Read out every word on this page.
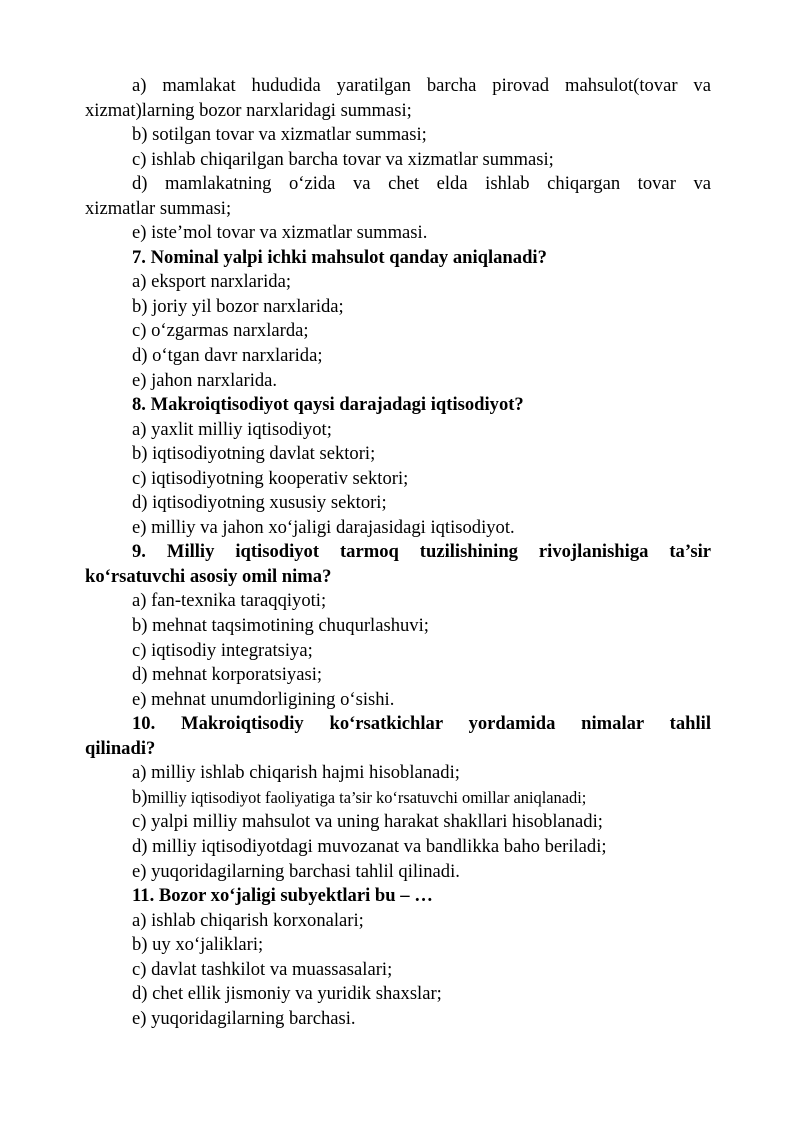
a) mamlakat hududida yaratilgan barcha pirovad mahsulot(tovar va
xizmat)larning bozor narxlaridagi summasi;
b) sotilgan tovar va xizmatlar summasi;
c) ishlab chiqarilgan barcha tovar va xizmatlar summasi;
d) mamlakatning o‘zida va chet elda ishlab chiqargan tovar va
xizmatlar summasi;
e) iste’mol tovar va xizmatlar summasi.
7. Nominal yalpi ichki mahsulot qanday aniqlanadi?
a) eksport narxlarida;
b) joriy yil bozor narxlarida;
c) o‘zgarmas narxlarda;
d) o‘tgan davr narxlarida;
e) jahon narxlarida.
8. Makroiqtisodiyot qaysi darajadagi iqtisodiyot?
a) yaxlit milliy iqtisodiyot;
b) iqtisodiyotning davlat sektori;
c) iqtisodiyotning kooperativ sektori;
d) iqtisodiyotning xususiy sektori;
e) milliy va jahon xo‘jaligi darajasidagi iqtisodiyot.
9. Milliy iqtisodiyot tarmoq tuzilishining rivojlanishiga ta’sir
ko‘rsatuvchi asosiy omil nima?
a) fan-texnika taraqqiyoti;
b) mehnat taqsimotining chuqurlashuvi;
c) iqtisodiy integratsiya;
d) mehnat korporatsiyasi;
e) mehnat unumdorligining o‘sishi.
10. Makroiqtisodiy ko‘rsatkichlar yordamida nimalar tahlil
qilinadi?
a) milliy ishlab chiqarish hajmi hisoblanadi;
b)milliy iqtisodiyot faoliyatiga ta’sir ko‘rsatuvchi omillar aniqlanadi;
c) yalpi milliy mahsulot va uning harakat shakllari hisoblanadi;
d) milliy iqtisodiyotdagi muvozanat va bandlikka baho beriladi;
e) yuqoridagilarning barchasi tahlil qilinadi.
11. Bozor xo‘jaligi subyektlari bu – …
a) ishlab chiqarish korxonalari;
b) uy xo‘jaliklari;
c) davlat tashkilot va muassasalari;
d) chet ellik jismoniy va yuridik shaxslar;
e) yuqoridagilarning barchasi.
